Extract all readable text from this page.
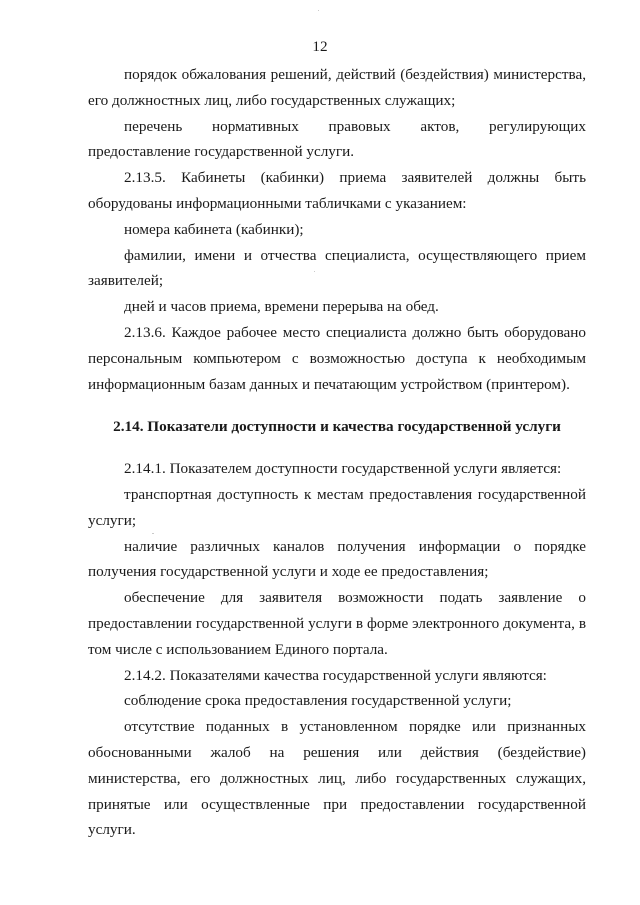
12

порядок обжалования решений, действий (бездействия) министерства, его должностных лиц, либо государственных служащих;

перечень нормативных правовых актов, регулирующих предоставление государственной услуги.

2.13.5. Кабинеты (кабинки) приема заявителей должны быть оборудованы информационными табличками с указанием:

номера кабинета (кабинки);

фамилии, имени и отчества специалиста, осуществляющего прием заявителей;

дней и часов приема, времени перерыва на обед.

2.13.6. Каждое рабочее место специалиста должно быть оборудовано персональным компьютером с возможностью доступа к необходимым информационным базам данных и печатающим устройством (принтером).

2.14. Показатели доступности и качества государственной услуги

2.14.1. Показателем доступности государственной услуги является:

транспортная доступность к местам предоставления государственной услуги;

наличие различных каналов получения информации о порядке получения государственной услуги и ходе ее предоставления;

обеспечение для заявителя возможности подать заявление о предоставлении государственной услуги в форме электронного документа, в том числе с использованием Единого портала.

2.14.2. Показателями качества государственной услуги являются:

соблюдение срока предоставления государственной услуги;

отсутствие поданных в установленном порядке или признанных обоснованными жалоб на решения или действия (бездействие) министерства, его должностных лиц, либо государственных служащих, принятые или осуществленные при предоставлении государственной услуги.
